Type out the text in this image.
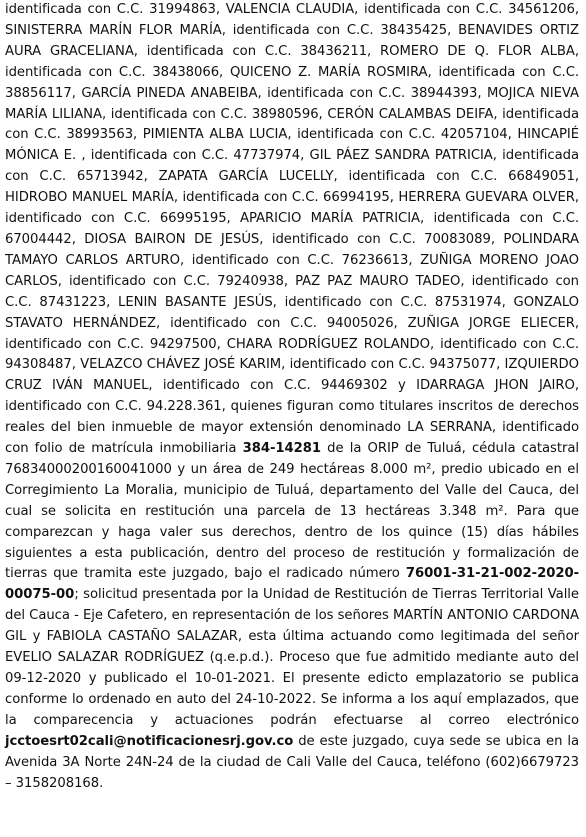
identificada con C.C. 31994863, VALENCIA CLAUDIA, identificada con C.C. 34561206, SINISTERRA MARÍN FLOR MARÍA, identificada con C.C. 38435425, BENAVIDES ORTIZ AURA GRACELIANA, identificada con C.C. 38436211, ROMERO DE Q. FLOR ALBA, identificada con C.C. 38438066, QUICENO Z. MARÍA ROSMIRA, identificada con C.C. 38856117, GARCÍA PINEDA ANABEIBA, identificada con C.C. 38944393, MOJICA NIEVA MARÍA LILIANA, identificada con C.C. 38980596, CERÓN CALAMBAS DEIFA, identificada con C.C. 38993563, PIMIENTA ALBA LUCIA, identificada con C.C. 42057104, HINCAPIÉ MÓNICA E. , identificada con C.C. 47737974, GIL PÁEZ SANDRA PATRICIA, identificada con C.C. 65713942, ZAPATA GARCÍA LUCELLY, identificada con C.C. 66849051, HIDROBO MANUEL MARÍA, identificada con C.C. 66994195, HERRERA GUEVARA OLVER, identificado con C.C. 66995195, APARICIO MARÍA PATRICIA, identificada con C.C. 67004442, DIOSA BAIRON DE JESÚS, identificado con C.C. 70083089, POLINDARA TAMAYO CARLOS ARTURO, identificado con C.C. 76236613, ZUÑIGA MORENO JOAO CARLOS, identificado con C.C. 79240938, PAZ PAZ MAURO TADEO, identificado con C.C. 87431223, LENIN BASANTE JESÚS, identificado con C.C. 87531974, GONZALO STAVATO HERNÁNDEZ, identificado con C.C. 94005026, ZUÑIGA JORGE ELIECER, identificado con C.C. 94297500, CHARA RODRÍGUEZ ROLANDO, identificado con C.C. 94308487, VELAZCO CHÁVEZ JOSÉ KARIM, identificado con C.C. 94375077, IZQUIERDO CRUZ IVÁN MANUEL, identificado con C.C. 94469302 y IDARRAGA JHON JAIRO, identificado con C.C. 94.228.361, quienes figuran como titulares inscritos de derechos reales del bien inmueble de mayor extensión denominado LA SERRANA, identificado con folio de matrícula inmobiliaria 384-14281 de la ORIP de Tuluá, cédula catastral 76834000200160041000 y un área de 249 hectáreas 8.000 m², predio ubicado en el Corregimiento La Moralia, municipio de Tuluá, departamento del Valle del Cauca, del cual se solicita en restitución una parcela de 13 hectáreas 3.348 m². Para que comparezcan y haga valer sus derechos, dentro de los quince (15) días hábiles siguientes a esta publicación, dentro del proceso de restitución y formalización de tierras que tramita este juzgado, bajo el radicado número 76001-31-21-002-2020-00075-00; solicitud presentada por la Unidad de Restitución de Tierras Territorial Valle del Cauca - Eje Cafetero, en representación de los señores MARTÍN ANTONIO CARDONA GIL y FABIOLA CASTAÑO SALAZAR, esta última actuando como legitimada del señor EVELIO SALAZAR RODRÍGUEZ (q.e.p.d.). Proceso que fue admitido mediante auto del 09-12-2020 y publicado el 10-01-2021. El presente edicto emplazatorio se publica conforme lo ordenado en auto del 24-10-2022. Se informa a los aquí emplazados, que la comparecencia y actuaciones podrán efectuarse al correo electrónico jcctoesrt02cali@notificacionesrj.gov.co de este juzgado, cuya sede se ubica en la Avenida 3A Norte 24N-24 de la ciudad de Cali Valle del Cauca, teléfono (602)6679723 – 3158208168.
